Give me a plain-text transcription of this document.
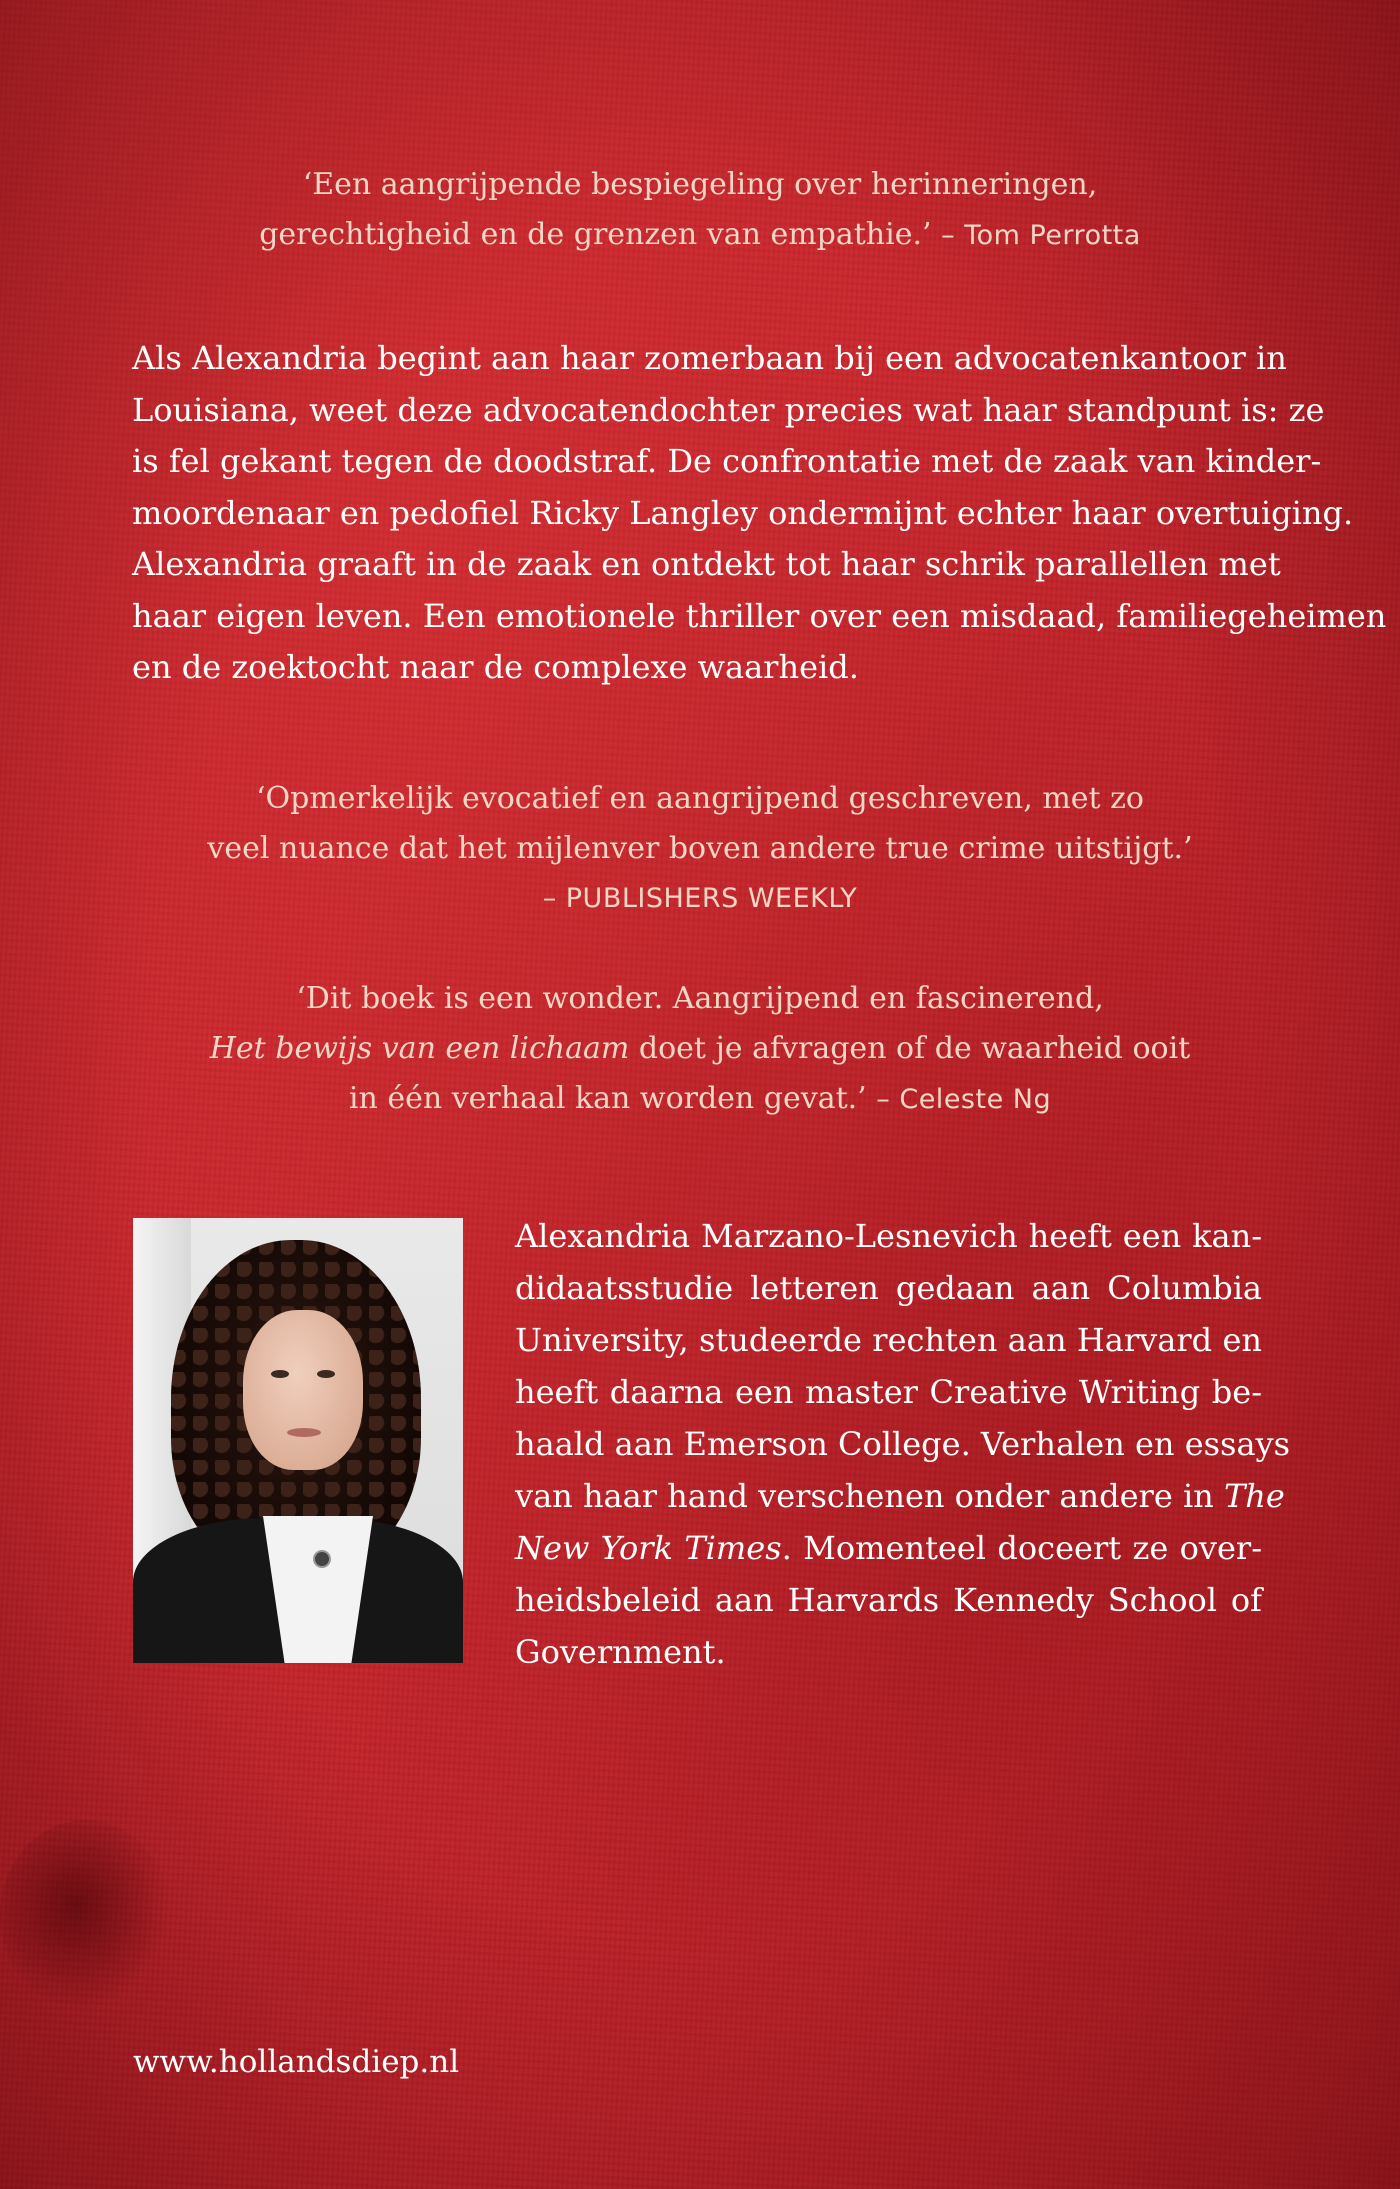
‘Een aangrijpende bespiegeling over herinneringen,
gerechtigheid en de grenzen van empathie.’ – Tom Perrotta
Als Alexandria begint aan haar zomerbaan bij een advocatenkantoor in
Louisiana, weet deze advocatendochter precies wat haar standpunt is: ze
is fel gekant tegen de doodstraf. De confrontatie met de zaak van kinder-
moordenaar en pedofiel Ricky Langley ondermijnt echter haar overtuiging.
Alexandria graaft in de zaak en ontdekt tot haar schrik parallellen met
haar eigen leven. Een emotionele thriller over een misdaad, familiegeheimen
en de zoektocht naar de complexe waarheid.
‘Opmerkelijk evocatief en aangrijpend geschreven, met zo
veel nuance dat het mijlenver boven andere true crime uitstijgt.’
– PUBLISHERS WEEKLY
‘Dit boek is een wonder. Aangrijpend en fascinerend,
Het bewijs van een lichaam doet je afvragen of de waarheid ooit
in één verhaal kan worden gevat.’ – Celeste Ng
Alexandria Marzano-Lesnevich heeft een kan-
didaatsstudie letteren gedaan aan Columbia
University, studeerde rechten aan Harvard en
heeft daarna een master Creative Writing be-
haald aan Emerson College. Verhalen en essays
van haar hand verschenen onder andere in The
New York Times. Momenteel doceert ze over-
heidsbeleid aan Harvards Kennedy School of
Government.
www.hollandsdiep.nl
